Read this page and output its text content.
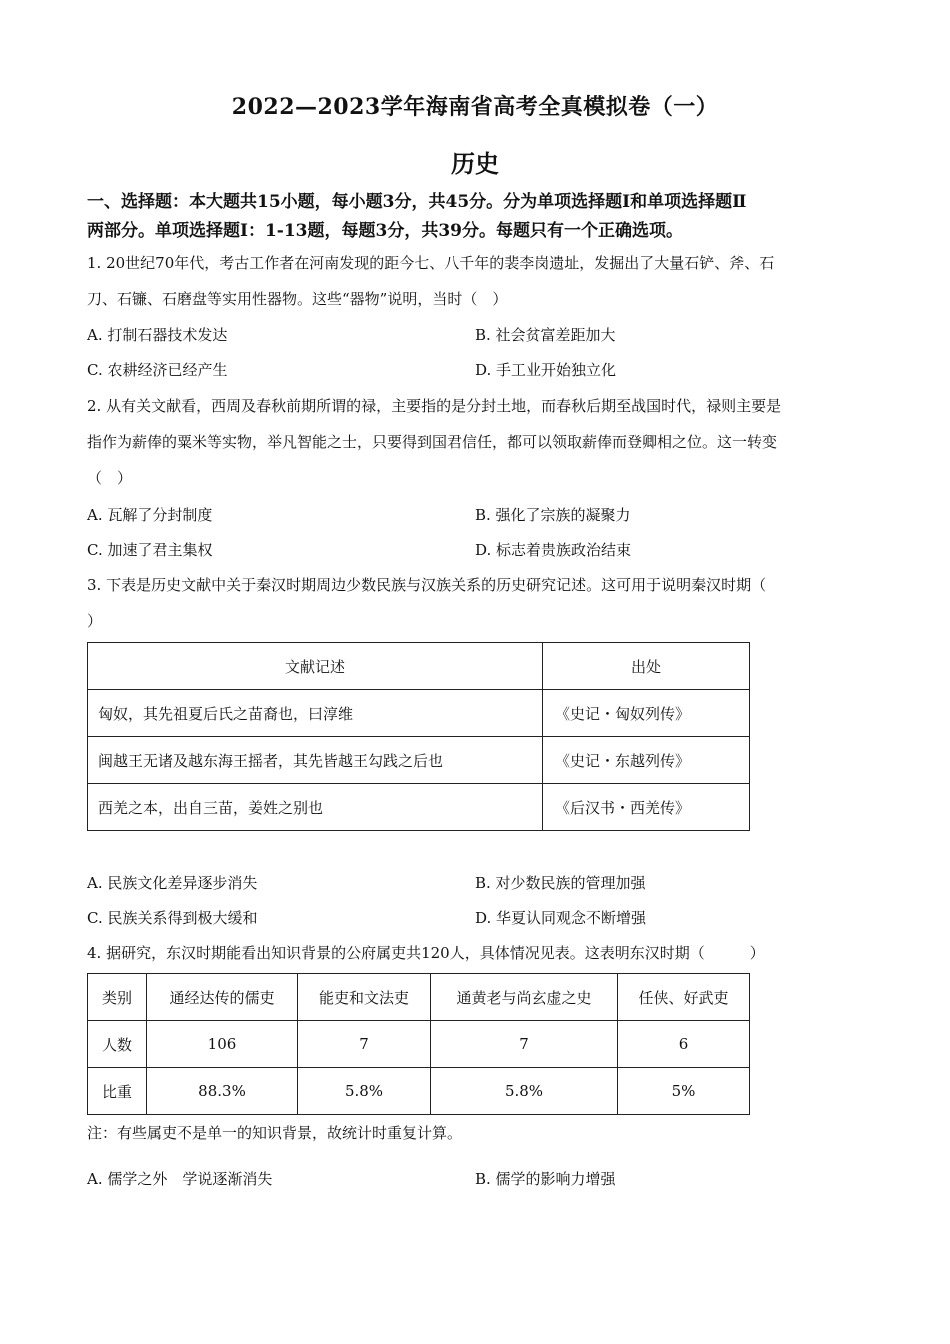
2022—2023学年海南省高考全真模拟卷（一）
历史
一、选择题：本大题共15小题，每小题3分，共45分。分为单项选择题Ⅰ和单项选择题Ⅱ
两部分。单项选择题Ⅰ：1-13题，每题3分，共39分。每题只有一个正确选项。
1. 20世纪70年代，考古工作者在河南发现的距今七、八千年的裴李岗遗址，发掘出了大量石铲、斧、石
刀、石镰、石磨盘等实用性器物。这些“器物”说明，当时（　）
A. 打制石器技术发达	B. 社会贫富差距加大
C. 农耕经济已经产生	D. 手工业开始独立化
2. 从有关文献看，西周及春秋前期所谓的禄，主要指的是分封土地，而春秋后期至战国时代，禄则主要是
指作为薪俸的粟米等实物，举凡智能之士，只要得到国君信任，都可以领取薪俸而登卿相之位。这一转变
（　）
A. 瓦解了分封制度	B. 强化了宗族的凝聚力
C. 加速了君主集权	D. 标志着贵族政治结束
3. 下表是历史文献中关于秦汉时期周边少数民族与汉族关系的历史研究记述。这可用于说明秦汉时期（
）
文献记述	出处
匈奴，其先祖夏后氏之苗裔也，曰淳维	《史记・匈奴列传》
闽越王无诸及越东海王摇者，其先皆越王勾践之后也	《史记・东越列传》
西羌之本，出自三苗，姜姓之别也	《后汉书・西羌传》
A. 民族文化差异逐步消失	B. 对少数民族的管理加强
C. 民族关系得到极大缓和	D. 华夏认同观念不断增强
4. 据研究，东汉时期能看出知识背景的公府属吏共120人，具体情况见表。这表明东汉时期（　　　）
类别	通经达传的儒吏	能吏和文法吏	通黄老与尚玄虚之史	任侠、好武吏
人数	106	7	7	6
比重	88.3%	5.8%	5.8%	5%
注：有些属吏不是单一的知识背景，故统计时重复计算。
A. 儒学之外　学说逐渐消失	B. 儒学的影响力增强
